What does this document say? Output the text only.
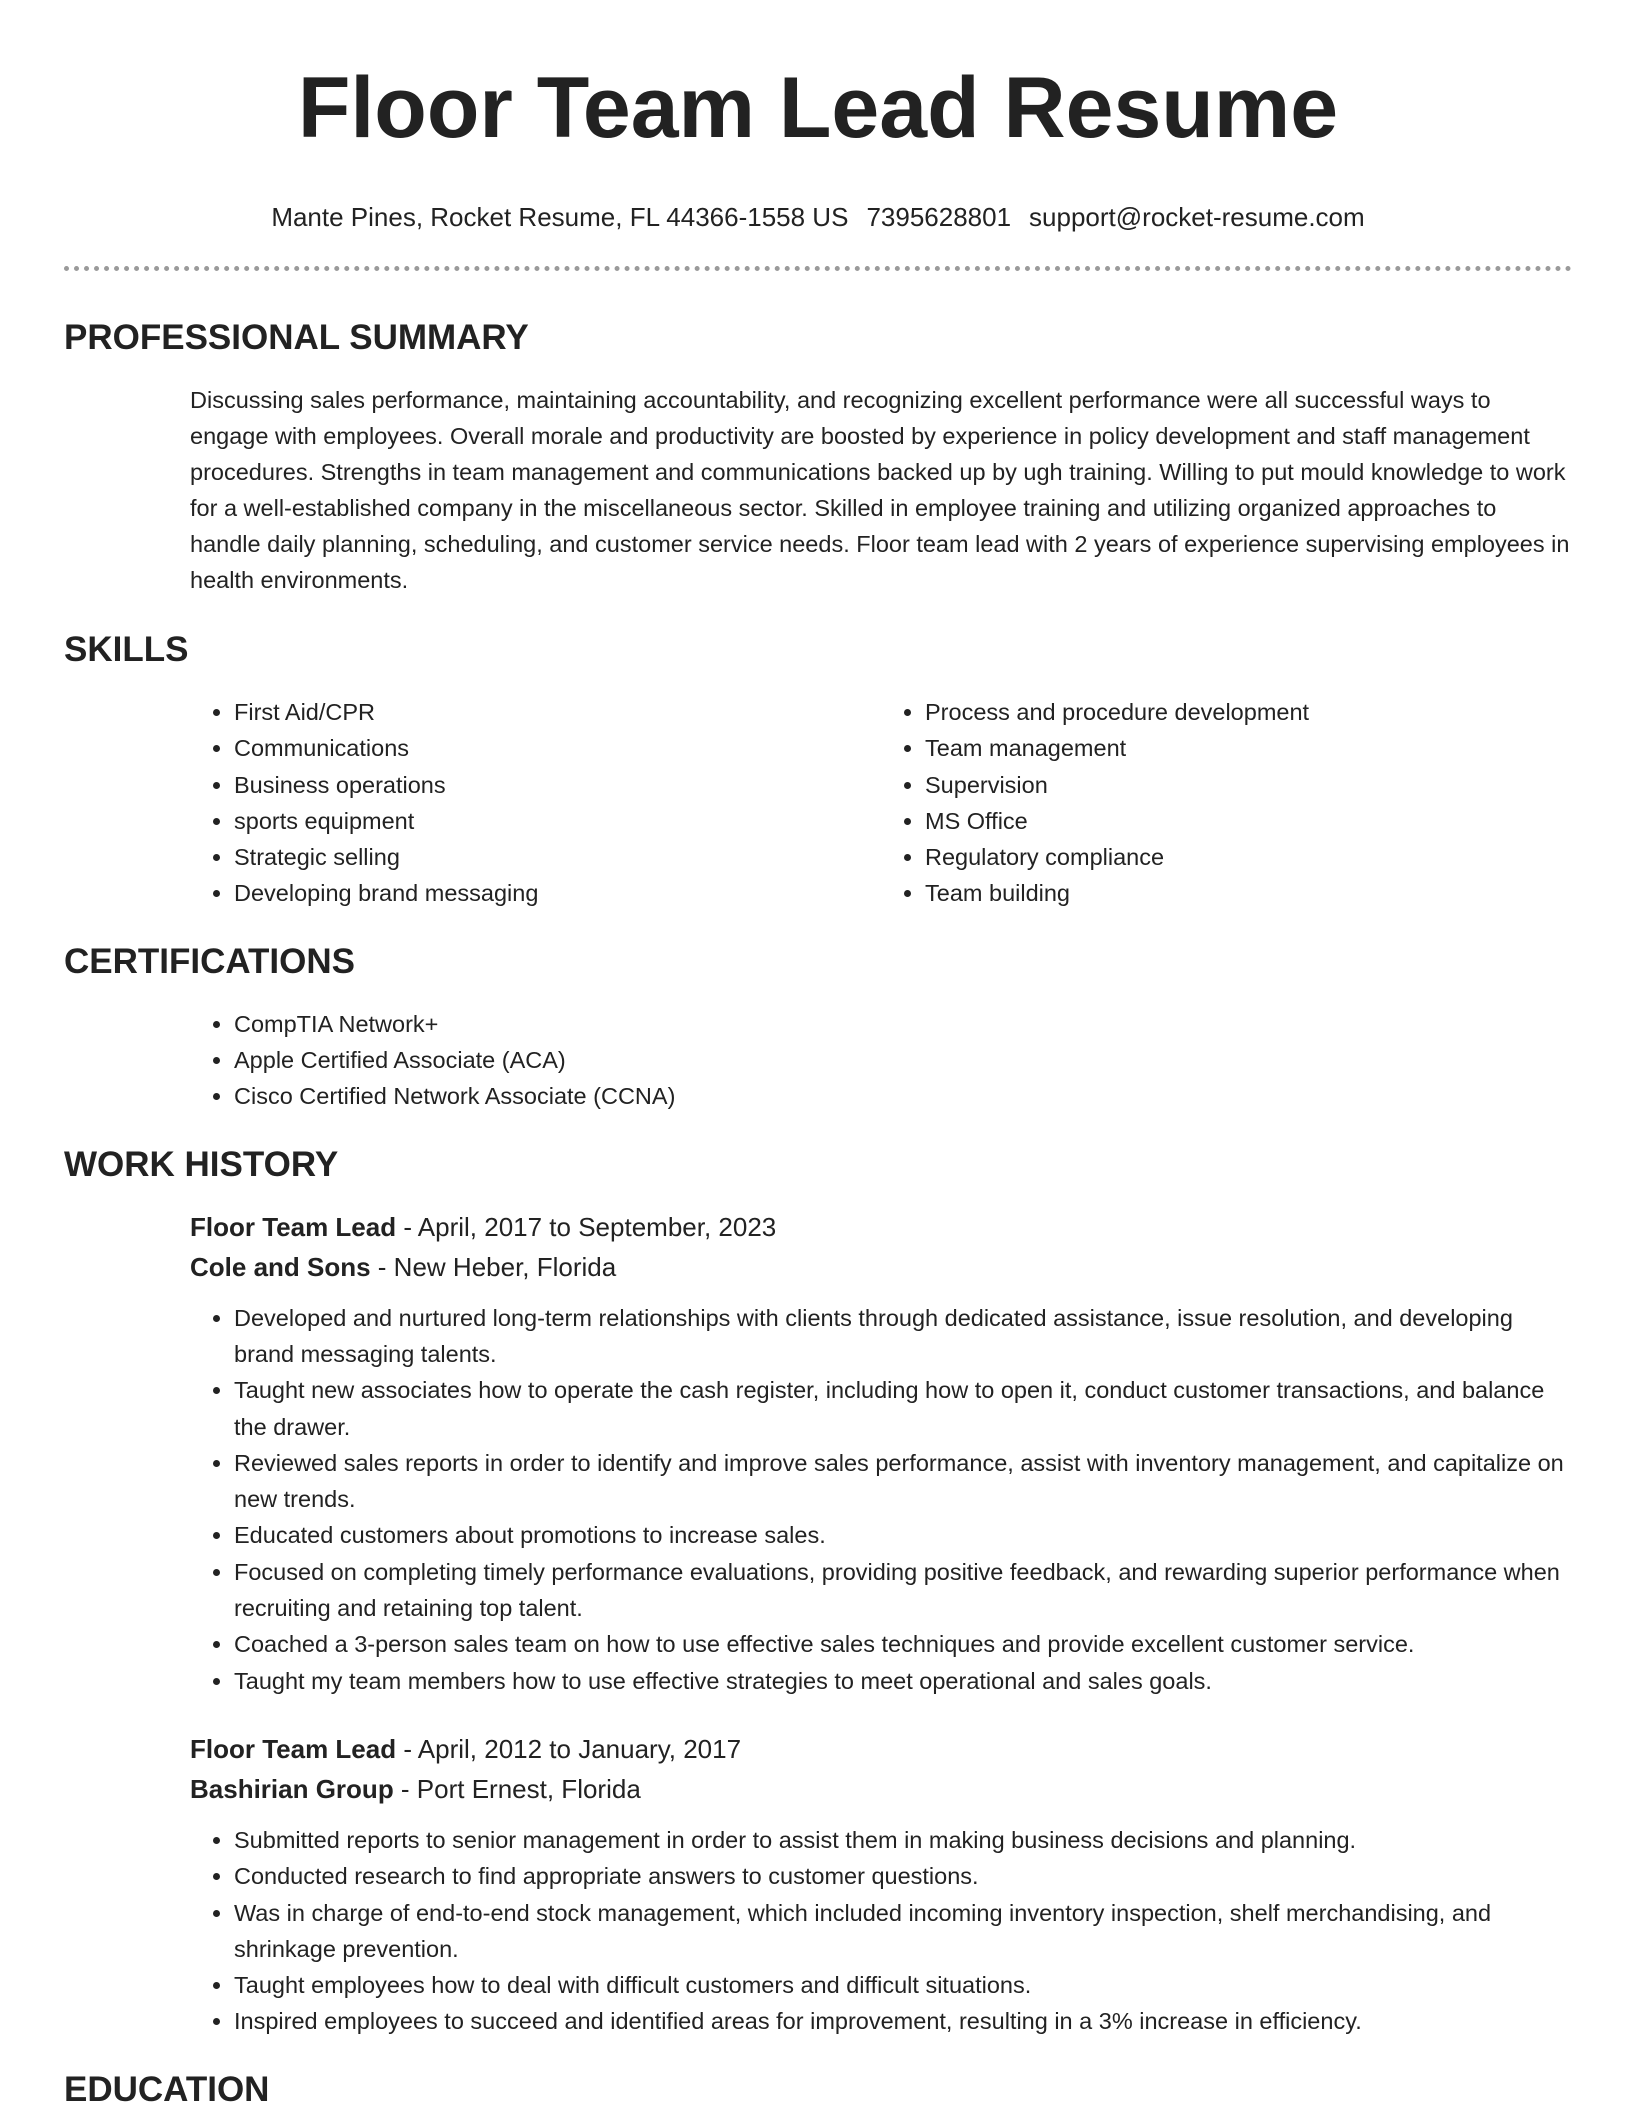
Floor Team Lead Resume
Mante Pines, Rocket Resume, FL 44366-1558 US 7395628801 support@rocket-resume.com
PROFESSIONAL SUMMARY
Discussing sales performance, maintaining accountability, and recognizing excellent performance were all successful ways to engage with employees. Overall morale and productivity are boosted by experience in policy development and staff management procedures. Strengths in team management and communications backed up by ugh training. Willing to put mould knowledge to work for a well-established company in the miscellaneous sector. Skilled in employee training and utilizing organized approaches to handle daily planning, scheduling, and customer service needs. Floor team lead with 2 years of experience supervising employees in health environments.
SKILLS
• First Aid/CPR
• Communications
• Business operations
• sports equipment
• Strategic selling
• Developing brand messaging
• Process and procedure development
• Team management
• Supervision
• MS Office
• Regulatory compliance
• Team building
CERTIFICATIONS
• CompTIA Network+
• Apple Certified Associate (ACA)
• Cisco Certified Network Associate (CCNA)
WORK HISTORY
Floor Team Lead - April, 2017 to September, 2023
Cole and Sons - New Heber, Florida
• Developed and nurtured long-term relationships with clients through dedicated assistance, issue resolution, and developing brand messaging talents.
• Taught new associates how to operate the cash register, including how to open it, conduct customer transactions, and balance the drawer.
• Reviewed sales reports in order to identify and improve sales performance, assist with inventory management, and capitalize on new trends.
• Educated customers about promotions to increase sales.
• Focused on completing timely performance evaluations, providing positive feedback, and rewarding superior performance when recruiting and retaining top talent.
• Coached a 3-person sales team on how to use effective sales techniques and provide excellent customer service.
• Taught my team members how to use effective strategies to meet operational and sales goals.
Floor Team Lead - April, 2012 to January, 2017
Bashirian Group - Port Ernest, Florida
• Submitted reports to senior management in order to assist them in making business decisions and planning.
• Conducted research to find appropriate answers to customer questions.
• Was in charge of end-to-end stock management, which included incoming inventory inspection, shelf merchandising, and shrinkage prevention.
• Taught employees how to deal with difficult customers and difficult situations.
• Inspired employees to succeed and identified areas for improvement, resulting in a 3% increase in efficiency.
EDUCATION
